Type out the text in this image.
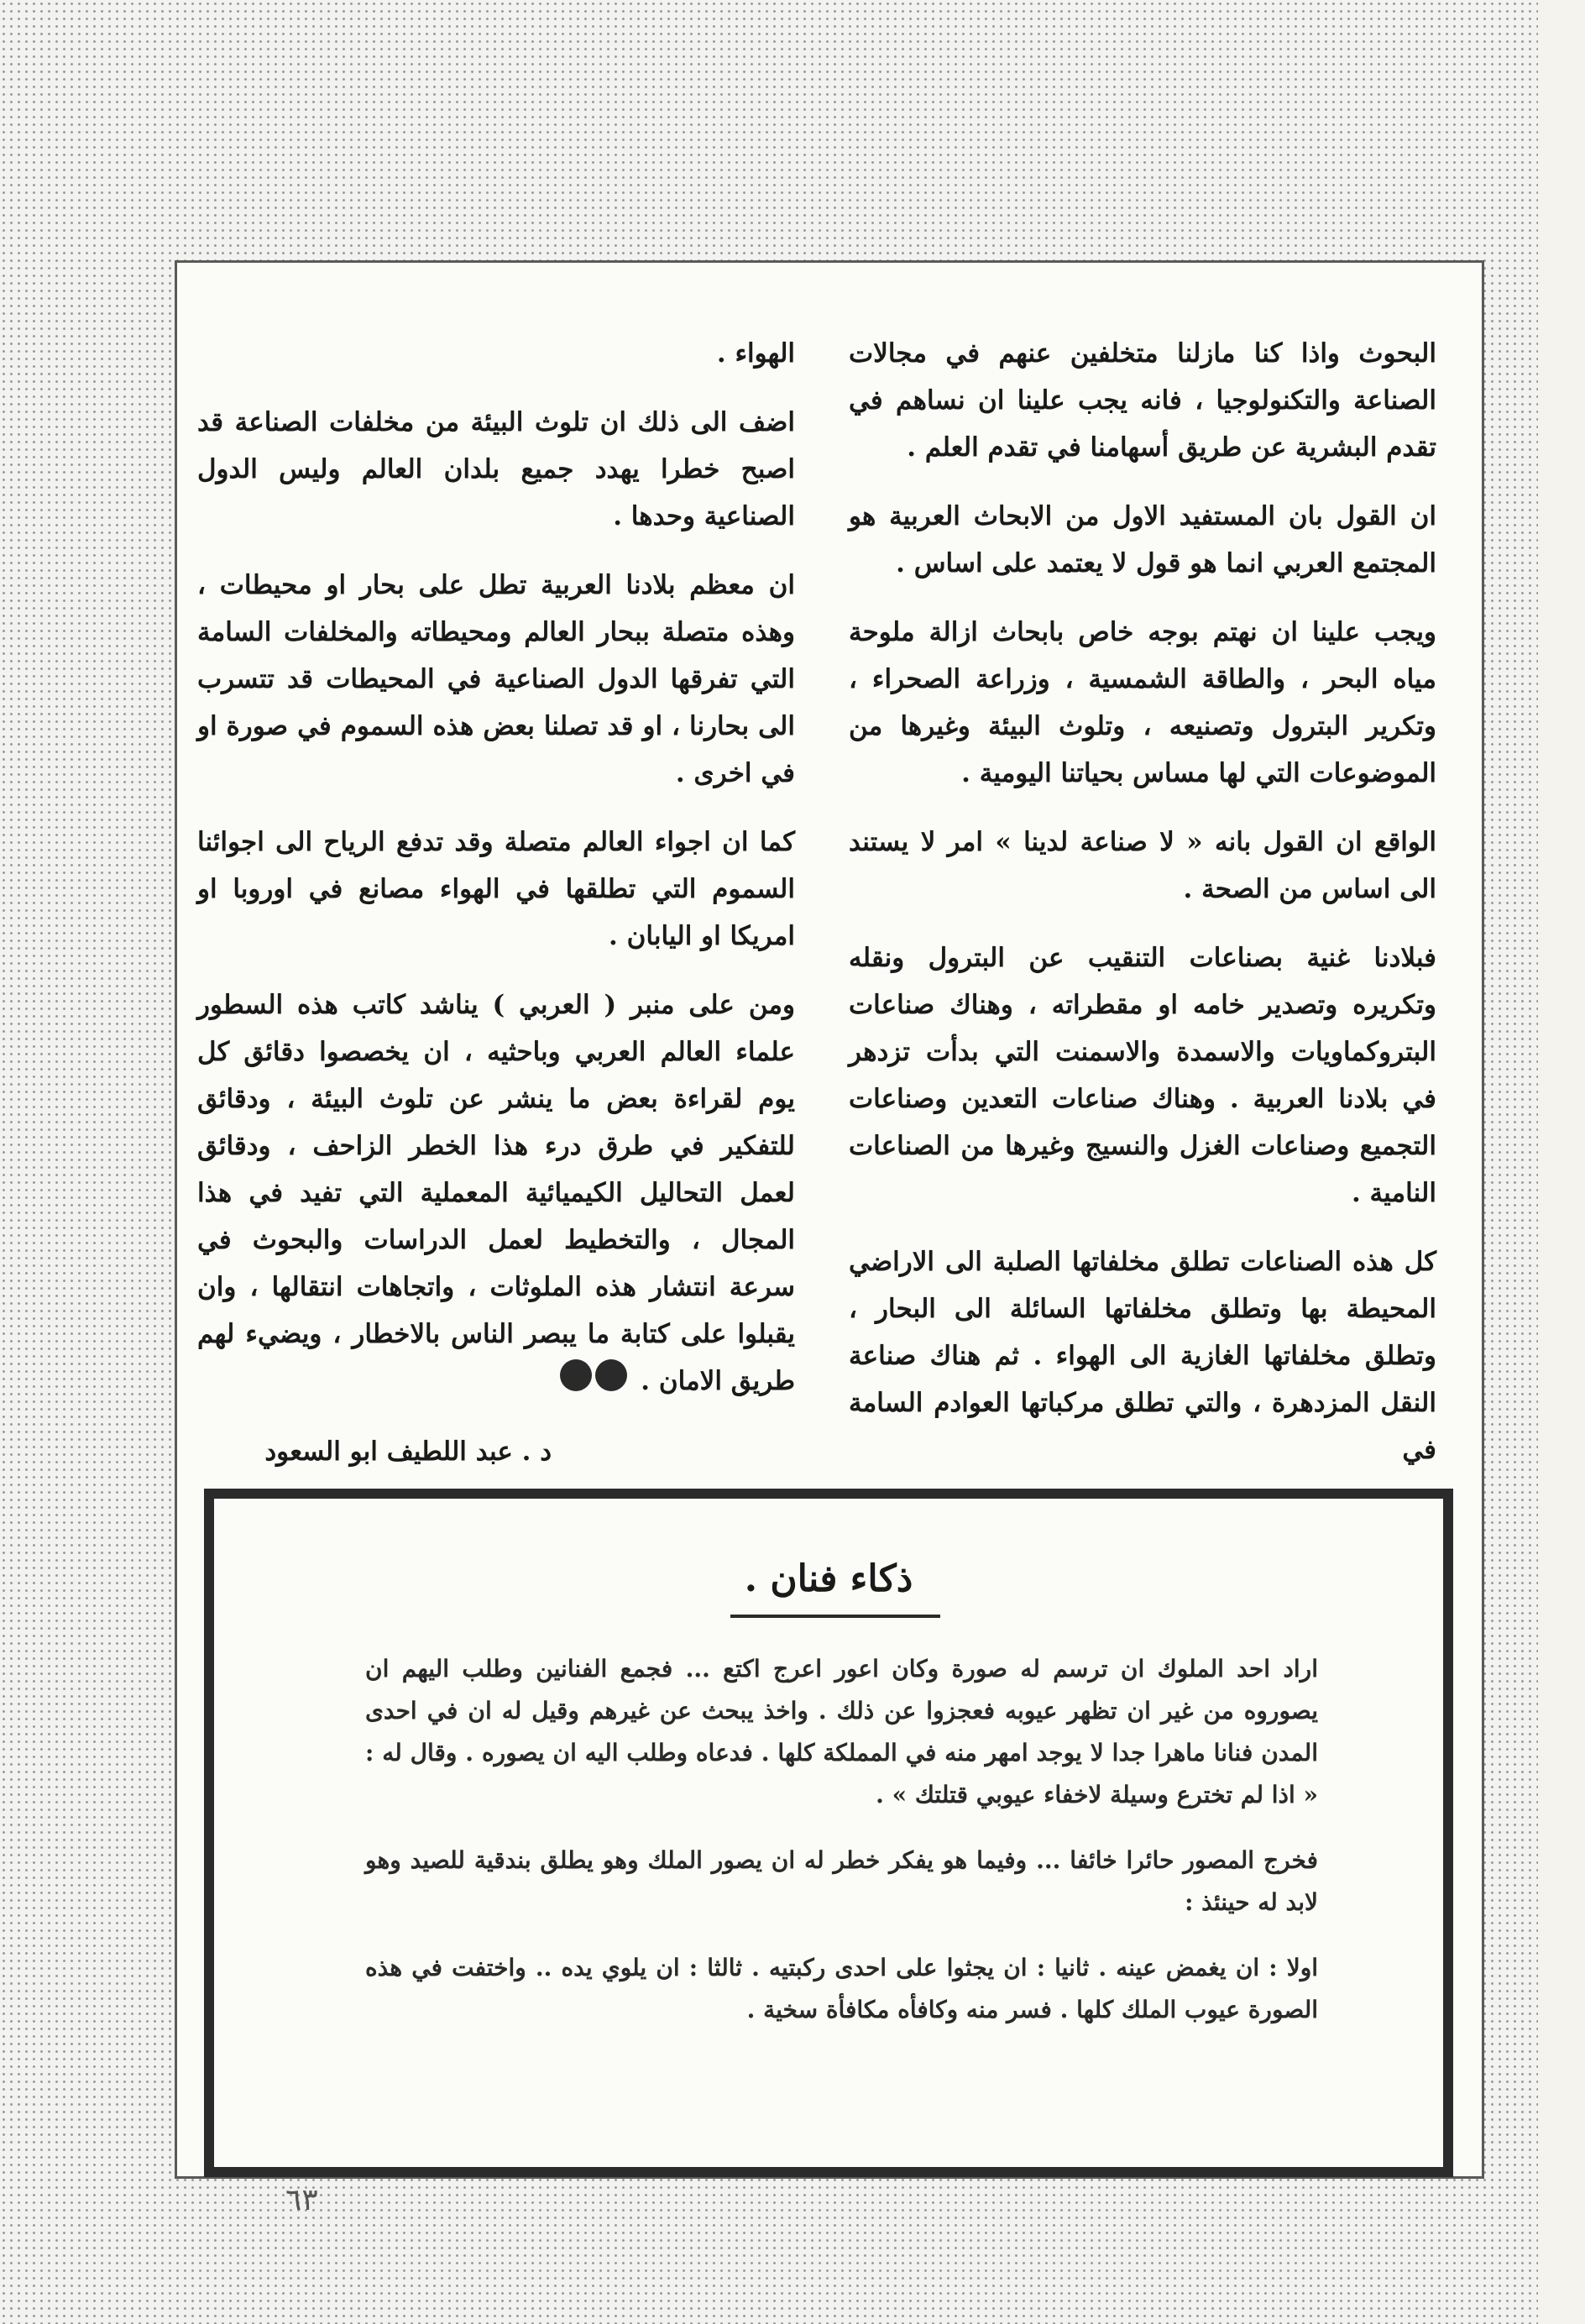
البحوث واذا كنا مازلنا متخلفين عنهم في مجالات الصناعة والتكنولوجيا ، فانه يجب علينا ان نساهم في تقدم البشرية عن طريق أسهامنا في تقدم العلم .

ان القول بان المستفيد الاول من الابحاث العربية هو المجتمع العربي انما هو قول لا يعتمد على اساس .

ويجب علينا ان نهتم بوجه خاص بابحاث ازالة ملوحة مياه البحر ، والطاقة الشمسية ، وزراعة الصحراء ، وتكرير البترول وتصنيعه ، وتلوث البيئة وغيرها من الموضوعات التي لها مساس بحياتنا اليومية .

الواقع ان القول بانه « لا صناعة لدينا » امر لا يستند الى اساس من الصحة .

فبلادنا غنية بصناعات التنقيب عن البترول ونقله وتكريره وتصدير خامه او مقطراته ، وهناك صناعات البتروكماويات والاسمدة والاسمنت التي بدأت تزدهر في بلادنا العربية . وهناك صناعات التعدين وصناعات التجميع وصناعات الغزل والنسيج وغيرها من الصناعات النامية .

كل هذه الصناعات تطلق مخلفاتها الصلبة الى الاراضي المحيطة بها وتطلق مخلفاتها السائلة الى البحار ، وتطلق مخلفاتها الغازية الى الهواء . ثم هناك صناعة النقل المزدهرة ، والتي تطلق مركباتها العوادم السامة في

الهواء .

اضف الى ذلك ان تلوث البيئة من مخلفات الصناعة قد اصبح خطرا يهدد جميع بلدان العالم وليس الدول الصناعية وحدها .

ان معظم بلادنا العربية تطل على بحار او محيطات ، وهذه متصلة ببحار العالم ومحيطاته والمخلفات السامة التي تفرقها الدول الصناعية في المحيطات قد تتسرب الى بحارنا ، او قد تصلنا بعض هذه السموم في صورة او في اخرى .

كما ان اجواء العالم متصلة وقد تدفع الرياح الى اجوائنا السموم التي تطلقها في الهواء مصانع في اوروبا او امريكا او اليابان .

ومن على منبر ( العربي ) يناشد كاتب هذه السطور علماء العالم العربي وباحثيه ، ان يخصصوا دقائق كل يوم لقراءة بعض ما ينشر عن تلوث البيئة ، ودقائق للتفكير في طرق درء هذا الخطر الزاحف ، ودقائق لعمل التحاليل الكيميائية المعملية التي تفيد في هذا المجال ، والتخطيط لعمل الدراسات والبحوث في سرعة انتشار هذه الملوثات ، واتجاهات انتقالها ، وان يقبلوا على كتابة ما يبصر الناس بالاخطار ، ويضيء لهم طريق الامان .

د . عبد اللطيف ابو السعود
ذكاء فنان .

اراد احد الملوك ان ترسم له صورة وكان اعور اعرج اكتع ... فجمع الفنانين وطلب اليهم ان يصوروه من غير ان تظهر عيوبه فعجزوا عن ذلك . واخذ يبحث عن غيرهم وقيل له ان في احدى المدن فنانا ماهرا جدا لا يوجد امهر منه في المملكة كلها . فدعاه وطلب اليه ان يصوره . وقال له : « اذا لم تخترع وسيلة لاخفاء عيوبي قتلتك » .

فخرج المصور حائرا خائفا ... وفيما هو يفكر خطر له ان يصور الملك وهو يطلق بندقية للصيد وهو لابد له حينئذ :

اولا : ان يغمض عينه . ثانيا : ان يجثوا على احدى ركبتيه . ثالثا : ان يلوي يده .. واختفت في هذه الصورة عيوب الملك كلها . فسر منه وكافأه مكافأة سخية .

٦٣
